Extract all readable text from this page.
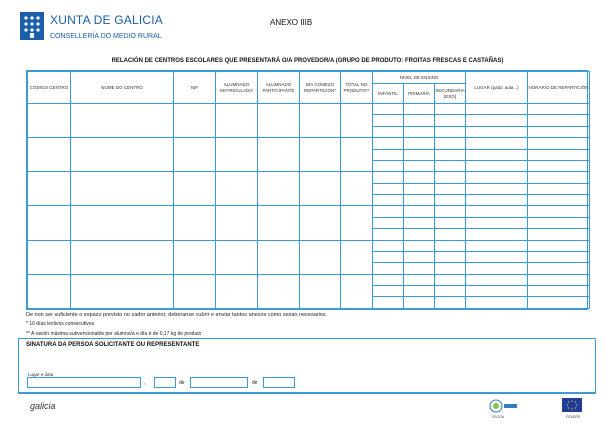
XUNTA DE GALICIA
CONSELLERÍA DO MEDIO RURAL
ANEXO IIIB
RELACIÓN DE CENTROS ESCOLARES QUE PRESENTARÁ O/A PROVEDOR/A (GRUPO DE PRODUTO: FROITAS FRESCAS E CASTAÑAS)
CÓDIGO CENTRO	NOME DO CENTRO	NIF	ALUMNADO MATRICULADO	ALUMNADO PARTICIPANTE	DÍA COMEZO REPARTICIÓN*	TOTAL NO PRODUTO**	NIVEL DE ENSINO			LUGAR (patio, aula...)	HORARIO DE REPARTICIÓN
							INFANTIL	PRIMARIA	SECUNDARIA (ESO)		

De non ser suficiente o espazo previsto no cadro anterior, deberanse cubrir e enviar tantos anexos como sexan necesarios.
* 10 días lectivos consecutivos
** A ración máxima subvencionable por alumno/a e día é de 0,17 kg de produto
SINATURA DA PERSOA SOLICITANTE OU REPRESENTANTE
Lugar e data
,	de	de
galicia
FEGGA	FEADER
